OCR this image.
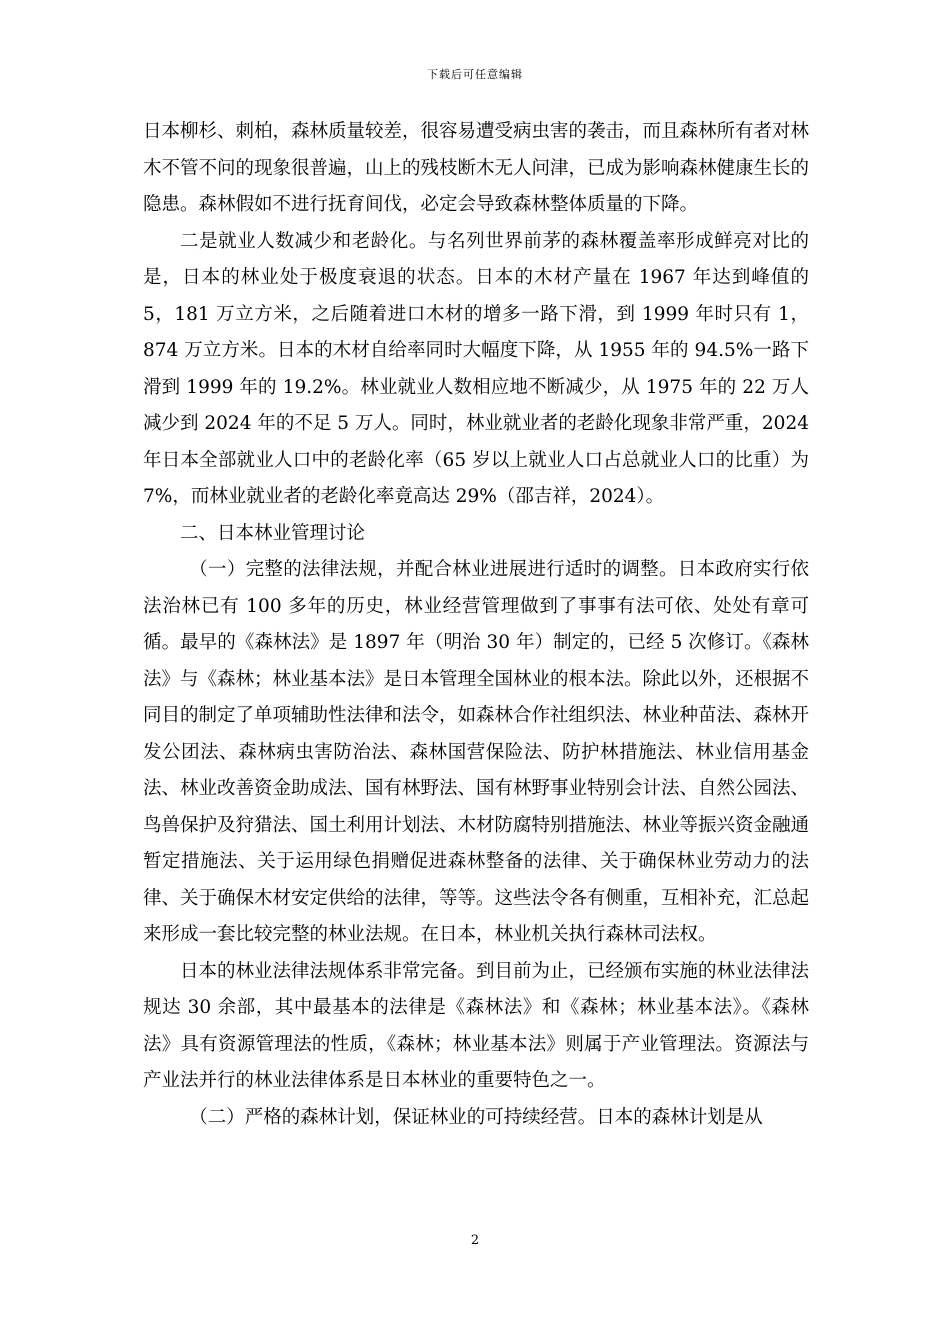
下载后可任意编辑

日本柳杉、刺柏，森林质量较差，很容易遭受病虫害的袭击，而且森林所有者对林木不管不问的现象很普遍，山上的残枝断木无人问津，已成为影响森林健康生长的隐患。森林假如不进行抚育间伐，必定会导致森林整体质量的下降。

二是就业人数减少和老龄化。与名列世界前茅的森林覆盖率形成鲜亮对比的是，日本的林业处于极度衰退的状态。日本的木材产量在 1967 年达到峰值的 5，181 万立方米，之后随着进口木材的增多一路下滑，到 1999 年时只有 1，874 万立方米。日本的木材自给率同时大幅度下降，从 1955 年的 94.5%一路下滑到 1999 年的 19.2%。林业就业人数相应地不断减少，从 1975 年的 22 万人减少到 2024 年的不足 5 万人。同时，林业就业者的老龄化现象非常严重，2024 年日本全部就业人口中的老龄化率（65 岁以上就业人口占总就业人口的比重）为 7%，而林业就业者的老龄化率竟高达 29%（邵吉祥，2024）。

二、日本林业管理讨论

（一）完整的法律法规，并配合林业进展进行适时的调整。日本政府实行依法治林已有 100 多年的历史，林业经营管理做到了事事有法可依、处处有章可循。最早的《森林法》是 1897 年（明治 30 年）制定的，已经 5 次修订。《森林法》与《森林；林业基本法》是日本管理全国林业的根本法。除此以外，还根据不同目的制定了单项辅助性法律和法令，如森林合作社组织法、林业种苗法、森林开发公团法、森林病虫害防治法、森林国营保险法、防护林措施法、林业信用基金法、林业改善资金助成法、国有林野法、国有林野事业特别会计法、自然公园法、鸟兽保护及狩猎法、国土利用计划法、木材防腐特别措施法、林业等振兴资金融通暂定措施法、关于运用绿色捐赠促进森林整备的法律、关于确保林业劳动力的法律、关于确保木材安定供给的法律，等等。这些法令各有侧重，互相补充，汇总起来形成一套比较完整的林业法规。在日本，林业机关执行森林司法权。

日本的林业法律法规体系非常完备。到目前为止，已经颁布实施的林业法律法规达 30 余部，其中最基本的法律是《森林法》和《森林；林业基本法》。《森林法》具有资源管理法的性质，《森林；林业基本法》则属于产业管理法。资源法与产业法并行的林业法律体系是日本林业的重要特色之一。

（二）严格的森林计划，保证林业的可持续经营。日本的森林计划是从

2
